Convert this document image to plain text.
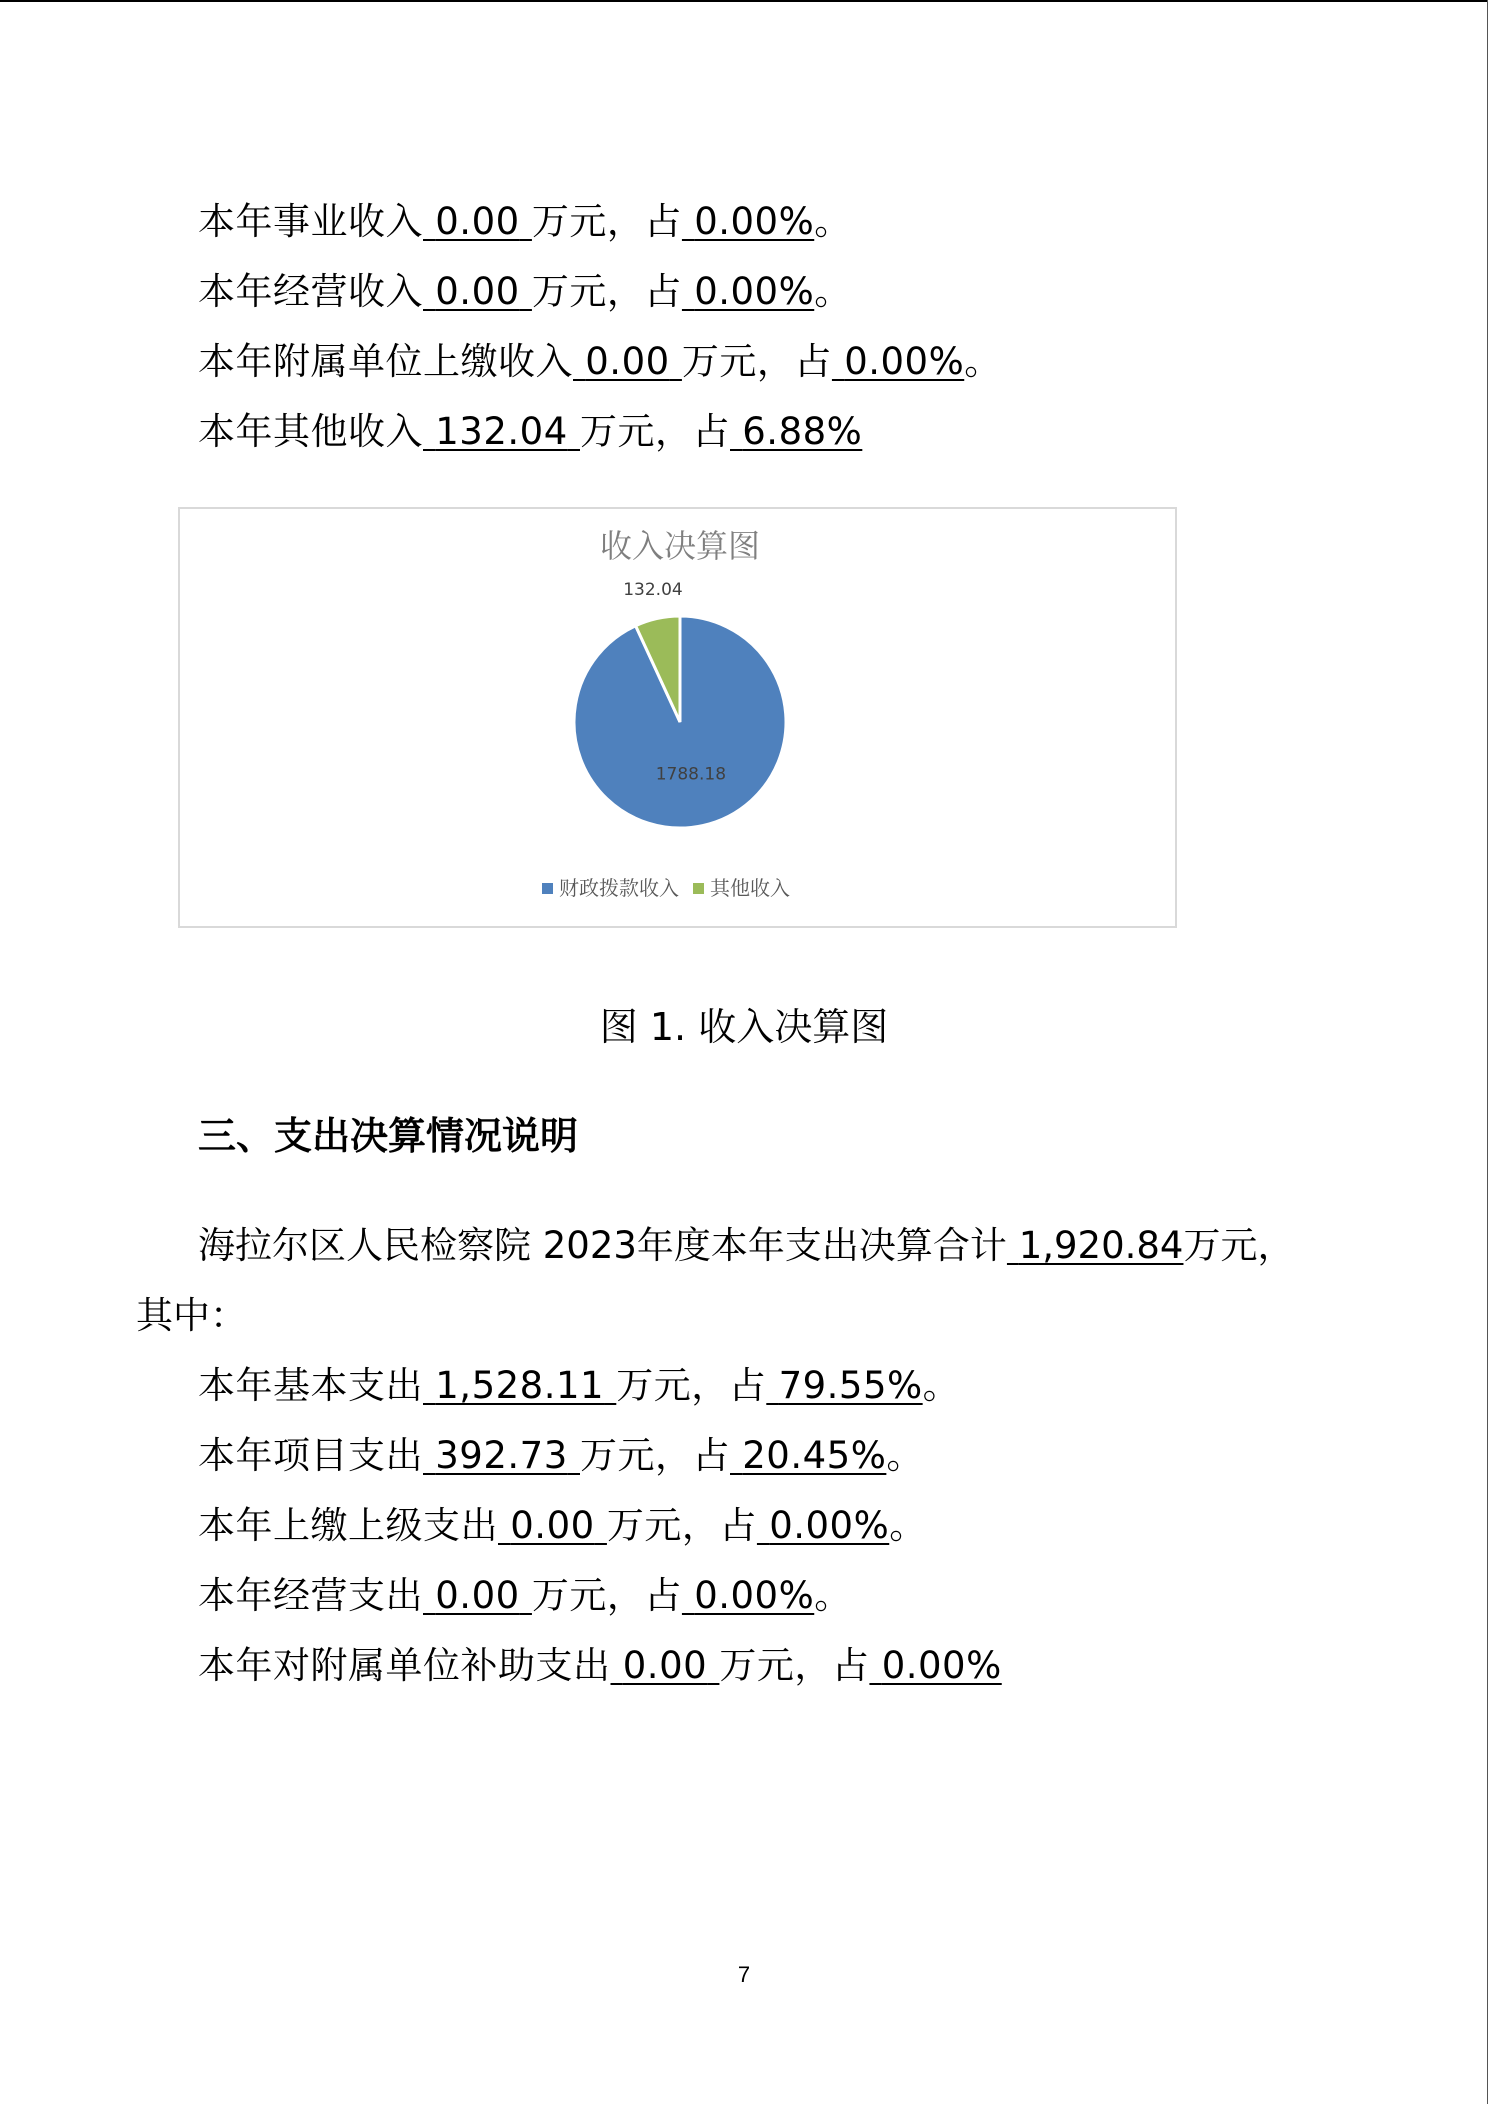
本年事业收入 0.00 万元，占 0.00%。
本年经营收入 0.00 万元，占 0.00%。
本年附属单位上缴收入 0.00 万元，占 0.00%。
本年其他收入 132.04 万元，占 6.88%
收入决算图
1788.18
132.04
财政拨款收入 其他收入
图 1. 收入决算图
三、支出决算情况说明
海拉尔区人民检察院 2023年度本年支出决算合计 1,920.84万元，
其中：
本年基本支出 1,528.11 万元，占 79.55%。
本年项目支出 392.73 万元，占 20.45%。
本年上缴上级支出 0.00 万元，占 0.00%。
本年经营支出 0.00 万元，占 0.00%。
本年对附属单位补助支出 0.00 万元，占 0.00%
7
